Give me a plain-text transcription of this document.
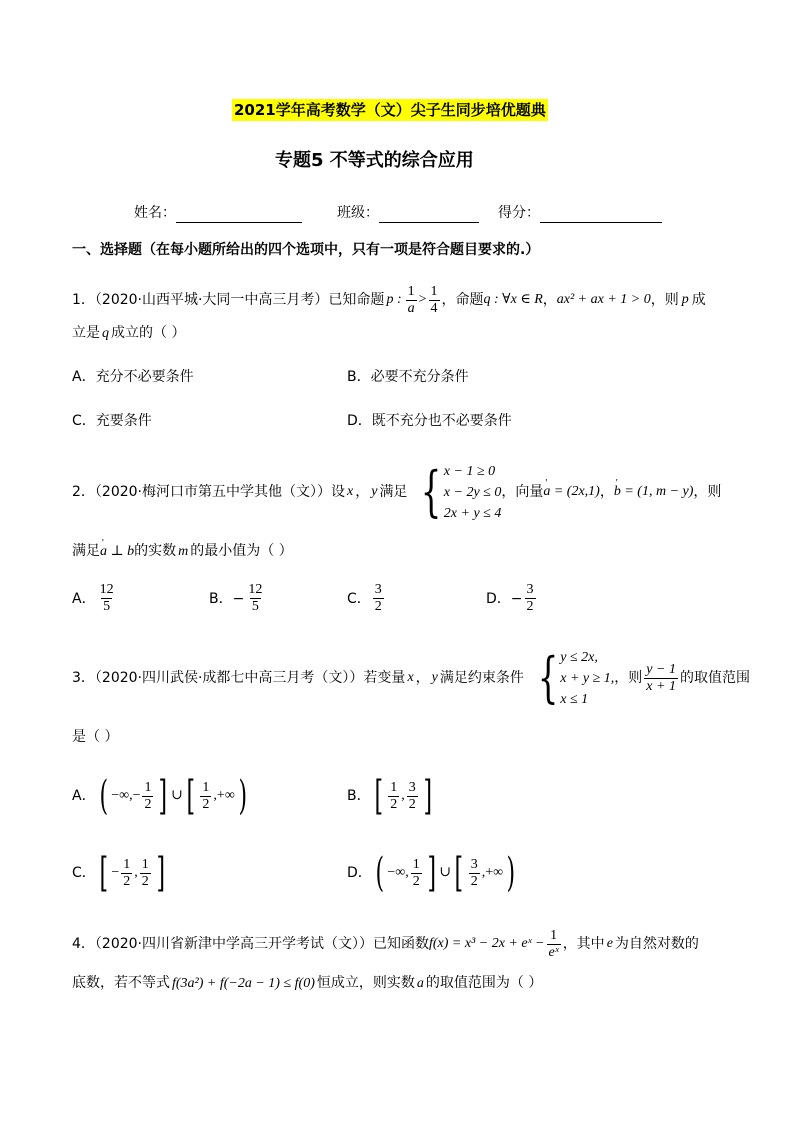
2021学年高考数学（文）尖子生同步培优题典
专题5 不等式的综合应用
姓名：	班级：	得分：
一、选择题（在每小题所给出的四个选项中，只有一项是符合题目要求的.）
1．（2020·山西平城·大同一中高三月考）已知命题 p : $\frac{1}{a} > \frac{1}{4}$ ，命题 q : ∀x ∈ R ， ax² + ax + 1 > 0 ，则 p 成
立是 q 成立的（ ）
A．充分不必要条件	B．必要不充分条件
C．充要条件	D．既不充分也不必要条件
2．（2020·梅河口市第五中学其他（文））设 x ， y 满足 { x − 1 ≥ 0
x − 2y ≤ 0
2x + y ≤ 4
，向量 ' a = (2x,1) ， ' b = (1, m − y) ，则
满足' a ⊥ b的实数 m 的最小值为（ ）
A． $\frac{12}{5}$	B．− $\frac{12}{5}$	C． $\frac{3}{2}$	D．− $\frac{3}{2}$
3．（2020·四川武侯·成都七中高三月考（文））若变量 x ， y 满足约束条件 { y ≤ 2x,
x + y ≥ 1,
x ≤ 1
，则 $\frac{y - 1}{x + 1}$ 的取值范围
是（ ）
A． ( −∞,− $\frac{1}{2}$ ] ∪ [ $\frac{1}{2}$ ,+∞ )	B． [ $\frac{1}{2}$ , $\frac{3}{2}$ ]
C． [ − $\frac{1}{2}$ , $\frac{1}{2}$ ]	D． ( −∞, $\frac{1}{2}$ ] ∪ [ $\frac{3}{2}$ ,+∞ )
4．（2020·四川省新津中学高三开学考试（文））已知函数 f(x) = x³ − 2x + eˣ − $\frac{1}{\text{eˣ}}$ ，其中 e 为自然对数的
底数，若不等式 f(3a²) + f(−2a − 1) ≤ f(0) 恒成立，则实数 a 的取值范围为（ ）
